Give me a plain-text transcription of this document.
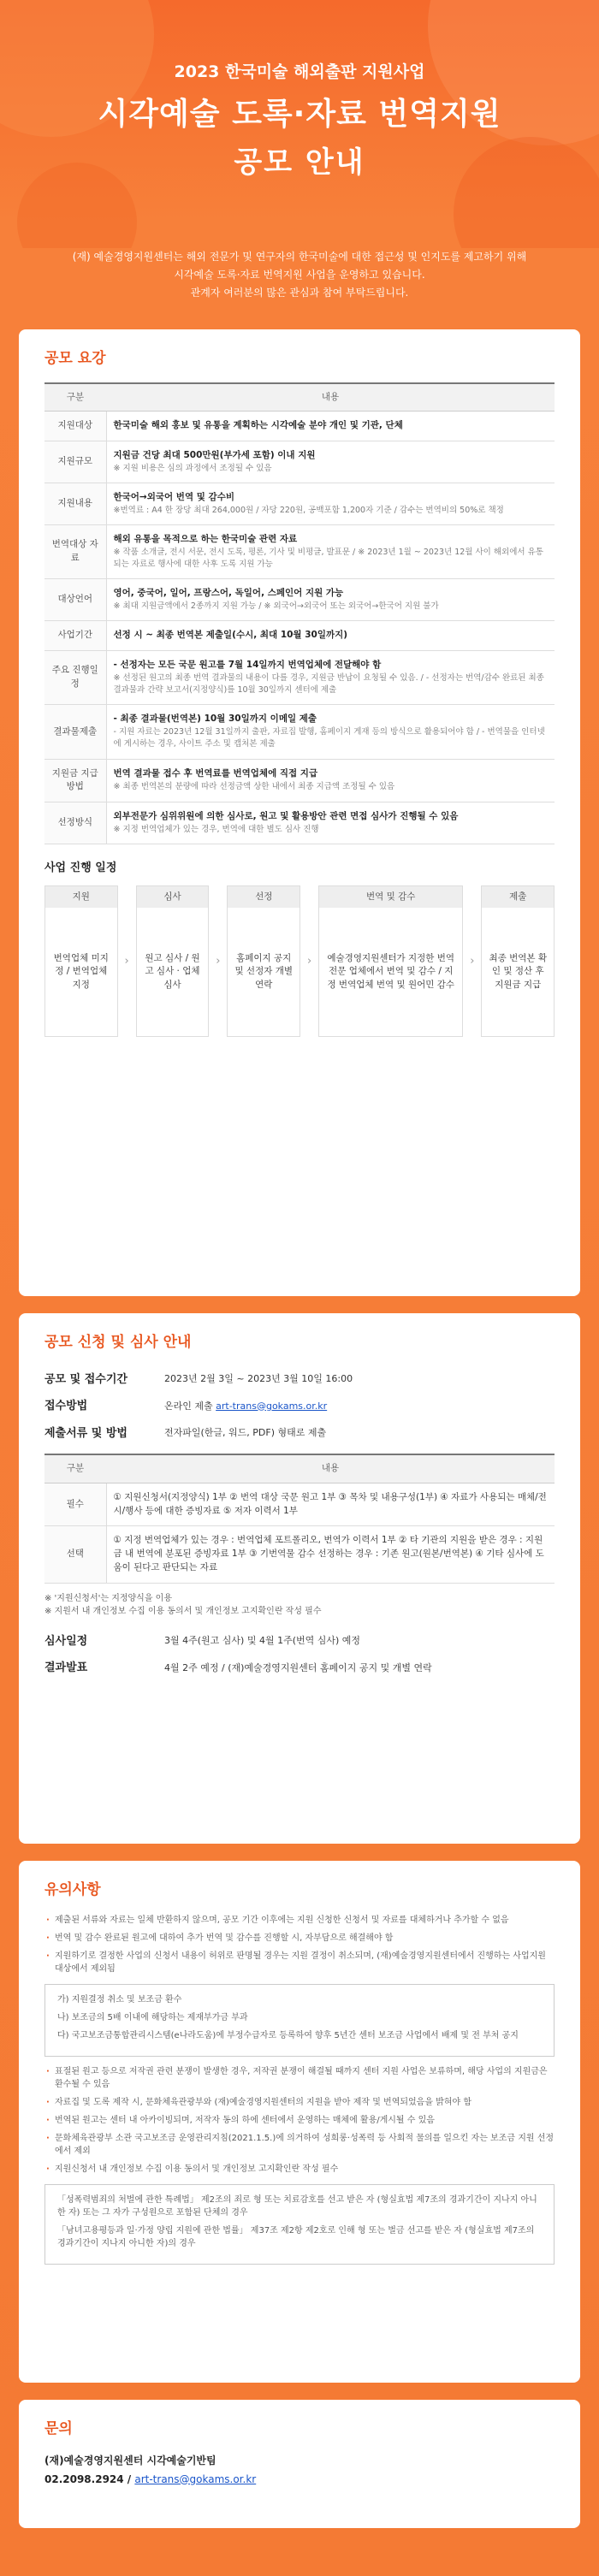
2023 한국미술 해외출판 지원사업
시각예술 도록·자료 번역지원
공모 안내
(재) 예술경영지원센터는 해외 전문가 및 연구자의 한국미술에 대한 접근성 및 인지도를 제고하기 위해
시각예술 도록·자료 번역지원 사업을 운영하고 있습니다.
관계자 여러분의 많은 관심과 참여 부탁드립니다.
공모 요강
구분	내용
지원대상	한국미술 해외 홍보 및 유통을 계획하는 시각예술 분야 개인 및 기관, 단체

지원규모	지원금 건당 최대 500만원(부가세 포함) 이내 지원
※ 지원 비용은 심의 과정에서 조정될 수 있음

지원내용	한국어→외국어 번역 및 감수비
※번역료 : A4 한 장당 최대 264,000원 / 자당 220원, 공백포함 1,200자 기준 / 감수는 번역비의 50%로 책정

번역대상 자료	해외 유통을 목적으로 하는 한국미술 관련 자료
※ 작품 소개글, 전시 서문, 전시 도록, 평론, 기사 및 비평글, 발표문 / ※ 2023년 1월 ~ 2023년 12월 사이 해외에서 유통되는 자료로 행사에 대한 사후 도록 지원 가능

대상언어	영어, 중국어, 일어, 프랑스어, 독일어, 스페인어 지원 가능
※ 최대 지원금액에서 2종까지 지원 가능 / ※ 외국어→외국어 또는 외국어→한국어 지원 불가

사업기간	선정 시 ~ 최종 번역본 제출일(수시, 최대 10월 30일까지)

주요 진행일정	- 선정자는 모든 국문 원고를 7월 14일까지 번역업체에 전달해야 함
※ 선정된 원고의 최종 번역 결과물의 내용이 다를 경우, 지원금 반납이 요청될 수 있음. / - 선정자는 번역/감수 완료된 최종 결과물과 간략 보고서(지정양식)를 10월 30일까지 센터에 제출

결과물제출	- 최종 결과물(번역본) 10월 30일까지 이메일 제출
- 지원 자료는 2023년 12월 31일까지 출판, 자료집 발행, 홈페이지 게재 등의 방식으로 활용되어야 함 / - 번역물을 인터넷에 게시하는 경우, 사이트 주소 및 캡처본 제출

지원금 지급방법	번역 결과물 접수 후 번역료를 번역업체에 직접 지급
※ 최종 번역본의 분량에 따라 선정금액 상한 내에서 최종 지급액 조정될 수 있음

선정방식	외부전문가 심위위원에 의한 심사로, 원고 및 활용방안 관련 면접 심사가 진행될 수 있음
※ 지정 번역업체가 있는 경우, 번역에 대한 별도 심사 진행
사업 진행 일정
지원
번역업체 미지정 / 번역업체 지정
›
심사
원고 심사 / 원고 심사 · 업체 심사
›
선정
홈페이지 공지 및 선정자 개별 연락
›
번역 및 감수
예술경영지원센터가 지정한 번역 전문 업체에서 번역 및 감수 / 지정 번역업체 번역 및 원어민 감수
›
제출
최종 번역본 확인 및 정산 후 지원금 지급
공모 신청 및 심사 안내
공모 및 접수기간	2023년 2월 3일 ~ 2023년 3월 10일 16:00
접수방법	온라인 제출 art-trans@gokams.or.kr
제출서류 및 방법	전자파일(한글, 워드, PDF) 형태로 제출
구분	내용
필수	① 지원신청서(지정양식) 1부 ② 번역 대상 국문 원고 1부 ③ 목차 및 내용구성(1부) ④ 자료가 사용되는 매체/전시/행사 등에 대한 증빙자료 ⑤ 저자 이력서 1부
선택	① 지정 번역업체가 있는 경우 : 번역업체 포트폴리오, 번역가 이력서 1부 ② 타 기관의 지원을 받은 경우 : 지원금 내 번역에 분포된 증빙자료 1부 ③ 기번역물 감수 선정하는 경우 : 기존 원고(원본/번역본) ④ 기타 심사에 도움이 된다고 판단되는 자료
※ '지원신청서'는 지정양식을 이용
※ 지원서 내 개인정보 수집 이용 동의서 및 개인정보 고지확인란 작성 필수
심사일정	3월 4주(원고 심사) 및 4월 1주(번역 심사) 예정
결과발표	4월 2주 예정 / (재)예술경영지원센터 홈페이지 공지 및 개별 연락
유의사항
· 제출된 서류와 자료는 일체 반환하지 않으며, 공모 기간 이후에는 지원 신청한 신청서 및 자료를 대체하거나 추가할 수 없음
· 번역 및 감수 완료된 원고에 대하여 추가 번역 및 감수를 진행할 시, 자부담으로 해결해야 함
· 지원하기로 결정한 사업의 신청서 내용이 허위로 판명될 경우는 지원 결정이 취소되며, (재)예술경영지원센터에서 진행하는 사업지원 대상에서 제외됨

가) 지원결정 취소 및 보조금 환수

나) 보조금의 5배 이내에 해당하는 제재부가금 부과

다) 국고보조금통합관리시스템(e나라도움)에 부정수급자로 등록하여 향후 5년간 센터 보조금 사업에서 배제 및 전 부처 공지

· 표절된 원고 등으로 저작권 관련 분쟁이 발생한 경우, 저작권 분쟁이 해결될 때까지 센터 지원 사업은 보류하며, 해당 사업의 지원금은 환수될 수 있음
· 자료집 및 도록 제작 시, 문화체육관광부와 (재)예술경영지원센터의 지원을 받아 제작 및 번역되었음을 밝혀야 함
· 번역된 원고는 센터 내 아카이빙되며, 저작자 동의 하에 센터에서 운영하는 매체에 활용/게시될 수 있음
· 문화체육관광부 소관 국고보조금 운영관리지침(2021.1.5.)에 의거하여 성희롱·성폭력 등 사회적 물의를 일으킨 자는 보조금 지원 선정에서 제외
· 지원신청서 내 개인정보 수집 이용 동의서 및 개인정보 고지확인란 작성 필수

「성폭력범죄의 처벌에 관한 특례법」 제2조의 죄로 형 또는 치료감호를 선고 받은 자 (형실효법 제7조의 경과기간이 지나지 아니한 자) 또는 그 자가 구성원으로 포함된 단체의 경우

「남녀고용평등과 일·가정 양립 지원에 관한 법률」 제37조 제2항 제2호로 인해 형 또는 벌금 선고를 받은 자 (형실효법 제7조의 경과기간이 지나지 아니한 자)의 경우

문의
(재)예술경영지원센터 시각예술기반팀
02.2098.2924 / art-trans@gokams.or.kr
